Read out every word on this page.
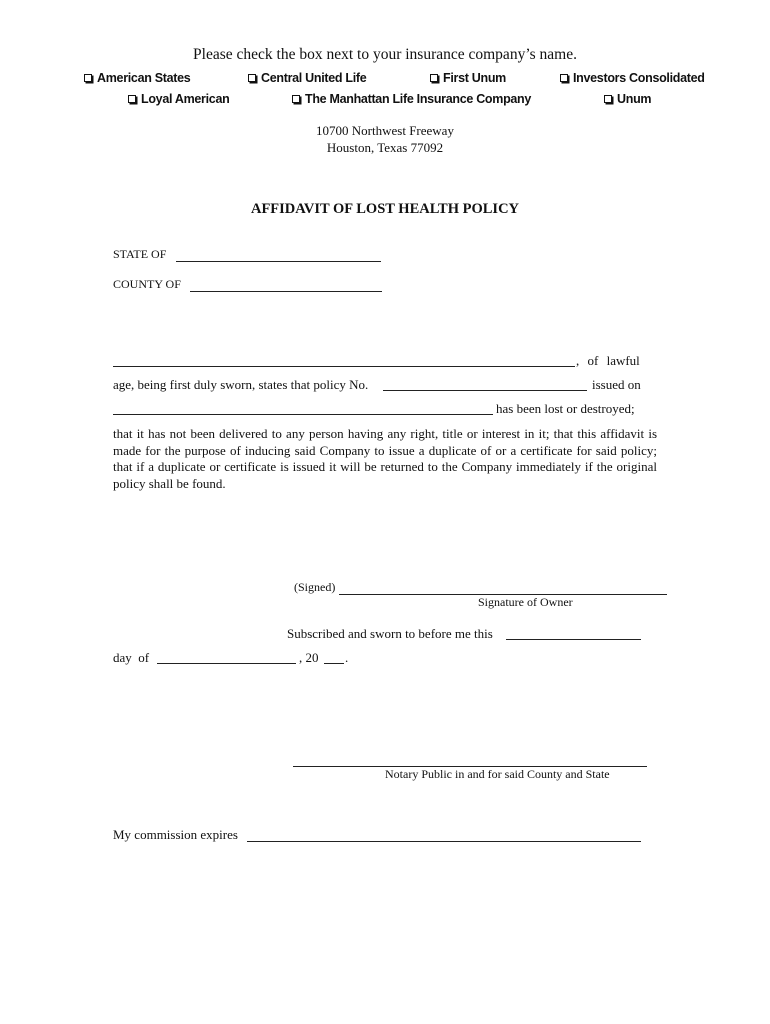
Please check the box next to your insurance company’s name.
American States	Central United Life	First Unum	Investors Consolidated
Loyal American	The Manhattan Life Insurance Company	Unum
10700 Northwest Freeway
Houston, Texas 77092
AFFIDAVIT OF LOST HEALTH POLICY
STATE OF
COUNTY OF
, of lawful
age, being first duly sworn, states that policy No.	issued on
has been lost or destroyed;
that it has not been delivered to any person having any right, title or interest in it; that this affidavit is made for the purpose of inducing said Company to issue a duplicate of or a certificate for said policy; that if a duplicate or certificate is issued it will be returned to the Company immediately if the original policy shall be found.
(Signed)
Signature of Owner
Subscribed and sworn to before me this
day  of	, 20 .
Notary Public in and for said County and State
My commission expires
